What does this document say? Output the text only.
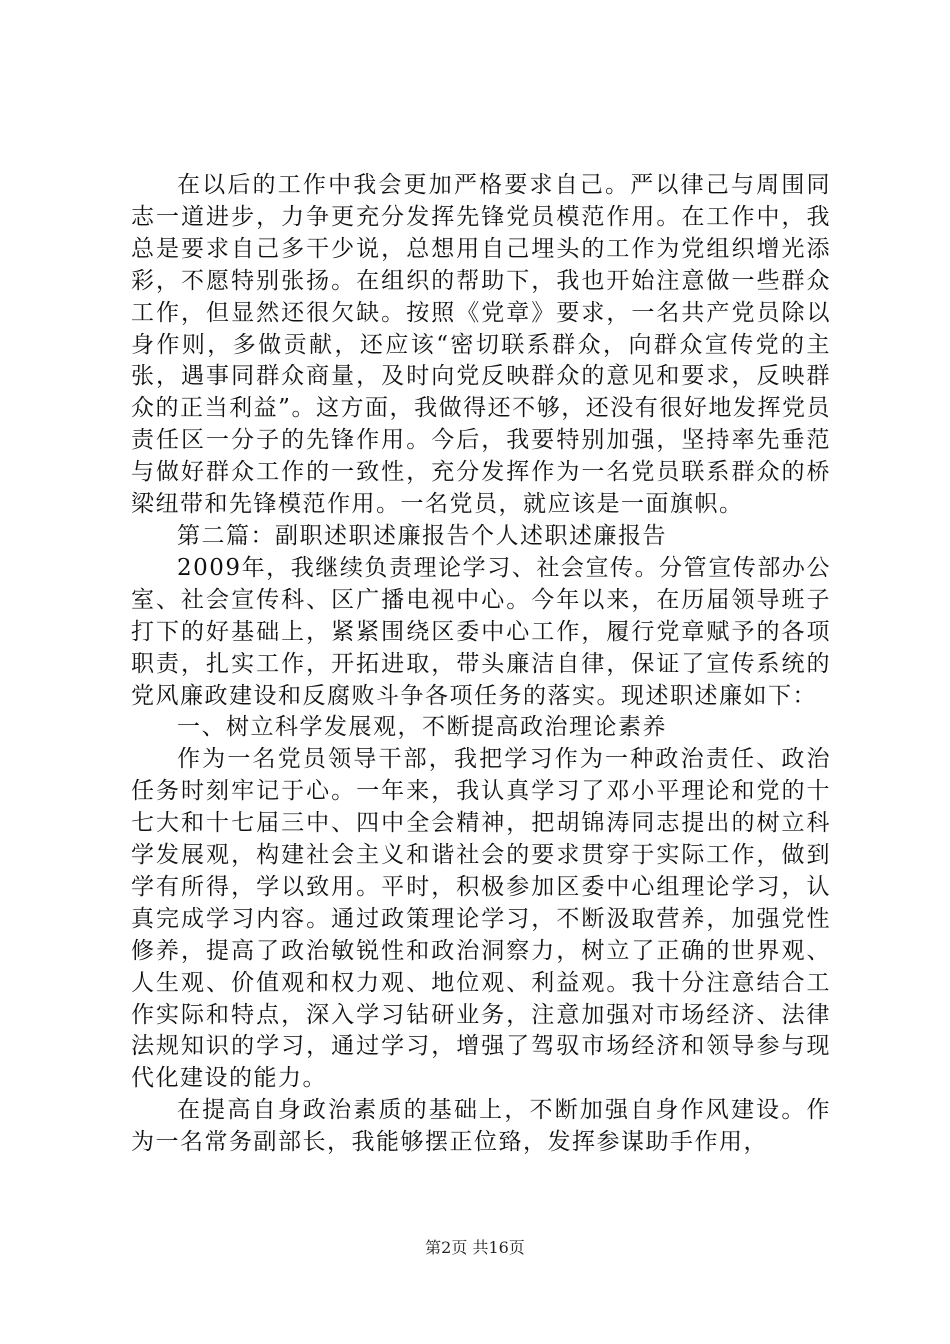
在以后的工作中我会更加严格要求自己。严以律己与周围同志一道进步，力争更充分发挥先锋党员模范作用。在工作中，我总是要求自己多干少说，总想用自己埋头的工作为党组织增光添彩，不愿特别张扬。在组织的帮助下，我也开始注意做一些群众工作，但显然还很欠缺。按照《党章》要求，一名共产党员除以身作则，多做贡献，还应该“密切联系群众，向群众宣传党的主张，遇事同群众商量，及时向党反映群众的意见和要求，反映群众的正当利益”。这方面，我做得还不够，还没有很好地发挥党员责任区一分子的先锋作用。今后，我要特别加强，坚持率先垂范与做好群众工作的一致性，充分发挥作为一名党员联系群众的桥梁纽带和先锋模范作用。一名党员，就应该是一面旗帜。

第二篇：副职述职述廉报告个人述职述廉报告

2009年，我继续负责理论学习、社会宣传。分管宣传部办公室、社会宣传科、区广播电视中心。今年以来，在历届领导班子打下的好基础上，紧紧围绕区委中心工作，履行党章赋予的各项职责，扎实工作，开拓进取，带头廉洁自律，保证了宣传系统的党风廉政建设和反腐败斗争各项任务的落实。现述职述廉如下：

一、树立科学发展观，不断提高政治理论素养

作为一名党员领导干部，我把学习作为一种政治责任、政治任务时刻牢记于心。一年来，我认真学习了邓小平理论和党的十七大和十七届三中、四中全会精神，把胡锦涛同志提出的树立科学发展观，构建社会主义和谐社会的要求贯穿于实际工作，做到学有所得，学以致用。平时，积极参加区委中心组理论学习，认真完成学习内容。通过政策理论学习，不断汲取营养，加强党性修养，提高了政治敏锐性和政治洞察力，树立了正确的世界观、人生观、价值观和权力观、地位观、利益观。我十分注意结合工作实际和特点，深入学习钻研业务，注意加强对市场经济、法律法规知识的学习，通过学习，增强了驾驭市场经济和领导参与现代化建设的能力。

在提高自身政治素质的基础上，不断加强自身作风建设。作为一名常务副部长，我能够摆正位臵，发挥参谋助手作用，

第2页 共16页
